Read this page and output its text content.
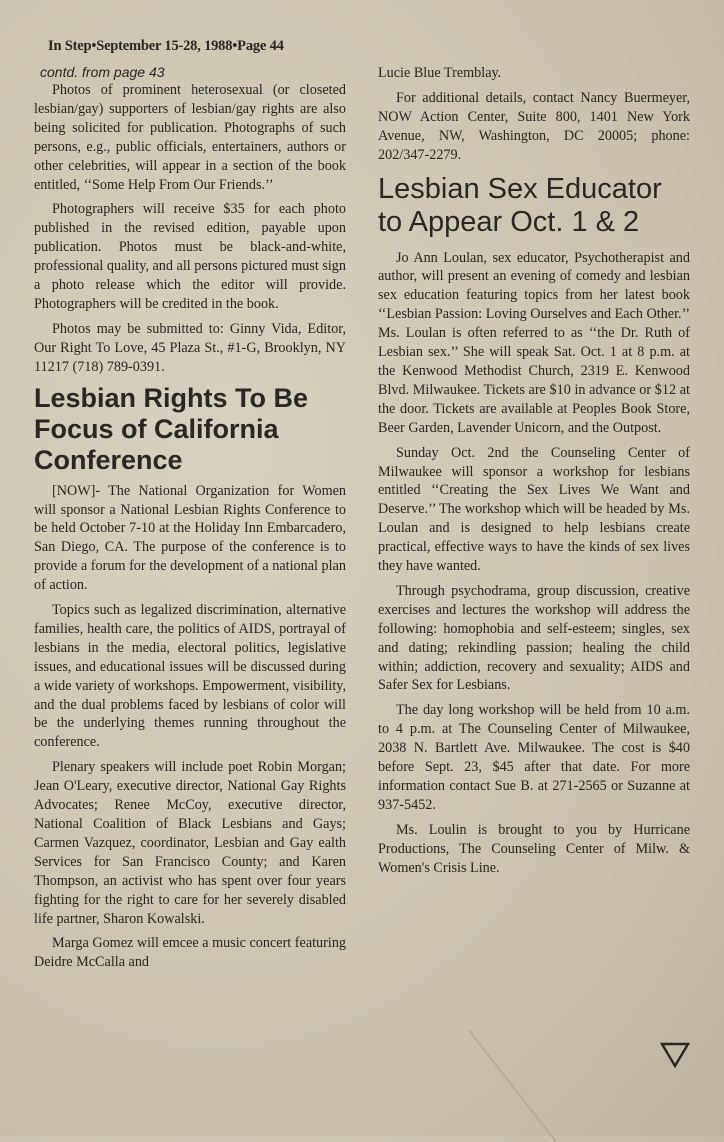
In Step•September 15-28, 1988•Page 44
contd. from page 43

Photos of prominent heterosexual (or closeted lesbian/gay) supporters of lesbian/gay rights are also being solicited for publication. Photographs of such persons, e.g., public officials, entertainers, authors or other celebrities, will appear in a section of the book entitled, ‘‘Some Help From Our Friends.’’

Photographers will receive $35 for each photo published in the revised edition, payable upon publication. Photos must be black-and-white, professional quality, and all persons pictured must sign a photo release which the editor will provide. Photographers will be credited in the book.

Photos may be submitted to: Ginny Vida, Editor, Our Right To Love, 45 Plaza St., #1-G, Brooklyn, NY 11217 (718) 789-0391.

Lesbian Rights To Be Focus of California Conference

[NOW]- The National Organization for Women will sponsor a National Lesbian Rights Conference to be held October 7-10 at the Holiday Inn Embarcadero, San Diego, CA. The purpose of the conference is to provide a forum for the development of a national plan of action.

Topics such as legalized discrimination, alternative families, health care, the politics of AIDS, portrayal of lesbians in the media, electoral politics, legislative issues, and educational issues will be discussed during a wide variety of workshops. Empowerment, visibility, and the dual problems faced by lesbians of color will be the underlying themes running throughout the conference.

Plenary speakers will include poet Robin Morgan; Jean O'Leary, executive director, National Gay Rights Advocates; Renee McCoy, executive director, National Coalition of Black Lesbians and Gays; Carmen Vazquez, coordinator, Lesbian and Gay ealth Services for San Francisco County; and Karen Thompson, an activist who has spent over four years fighting for the right to care for her severely disabled life partner, Sharon Kowalski.

Marga Gomez will emcee a music concert featuring Deidre McCalla and

Lucie Blue Tremblay.

For additional details, contact Nancy Buermeyer, NOW Action Center, Suite 800, 1401 New York Avenue, NW, Washington, DC 20005; phone: 202/347-2279.

Lesbian Sex Educator to Appear Oct. 1 & 2

Jo Ann Loulan, sex educator, Psychotherapist and author, will present an evening of comedy and lesbian sex education featuring topics from her latest book ‘‘Lesbian Passion: Loving Ourselves and Each Other.’’ Ms. Loulan is often referred to as ‘‘the Dr. Ruth of Lesbian sex.’’ She will speak Sat. Oct. 1 at 8 p.m. at the Kenwood Methodist Church, 2319 E. Kenwood Blvd. Milwaukee. Tickets are $10 in advance or $12 at the door. Tickets are available at Peoples Book Store, Beer Garden, Lavender Unicorn, and the Outpost.

Sunday Oct. 2nd the Counseling Center of Milwaukee will sponsor a workshop for lesbians entitled ‘‘Creating the Sex Lives We Want and Deserve.’’ The workshop which will be headed by Ms. Loulan and is designed to help lesbians create practical, effective ways to have the kinds of sex lives they have wanted.

Through psychodrama, group discussion, creative exercises and lectures the workshop will address the following: homophobia and self-esteem; singles, sex and dating; rekindling passion; healing the child within; addiction, recovery and sexuality; AIDS and Safer Sex for Lesbians.

The day long workshop will be held from 10 a.m. to 4 p.m. at The Counseling Center of Milwaukee, 2038 N. Bartlett Ave. Milwaukee. The cost is $40 before Sept. 23, $45 after that date. For more information contact Sue B. at 271-2565 or Suzanne at 937-5452.

Ms. Loulin is brought to you by Hurricane Productions, The Counseling Center of Milw. & Women's Crisis Line.
